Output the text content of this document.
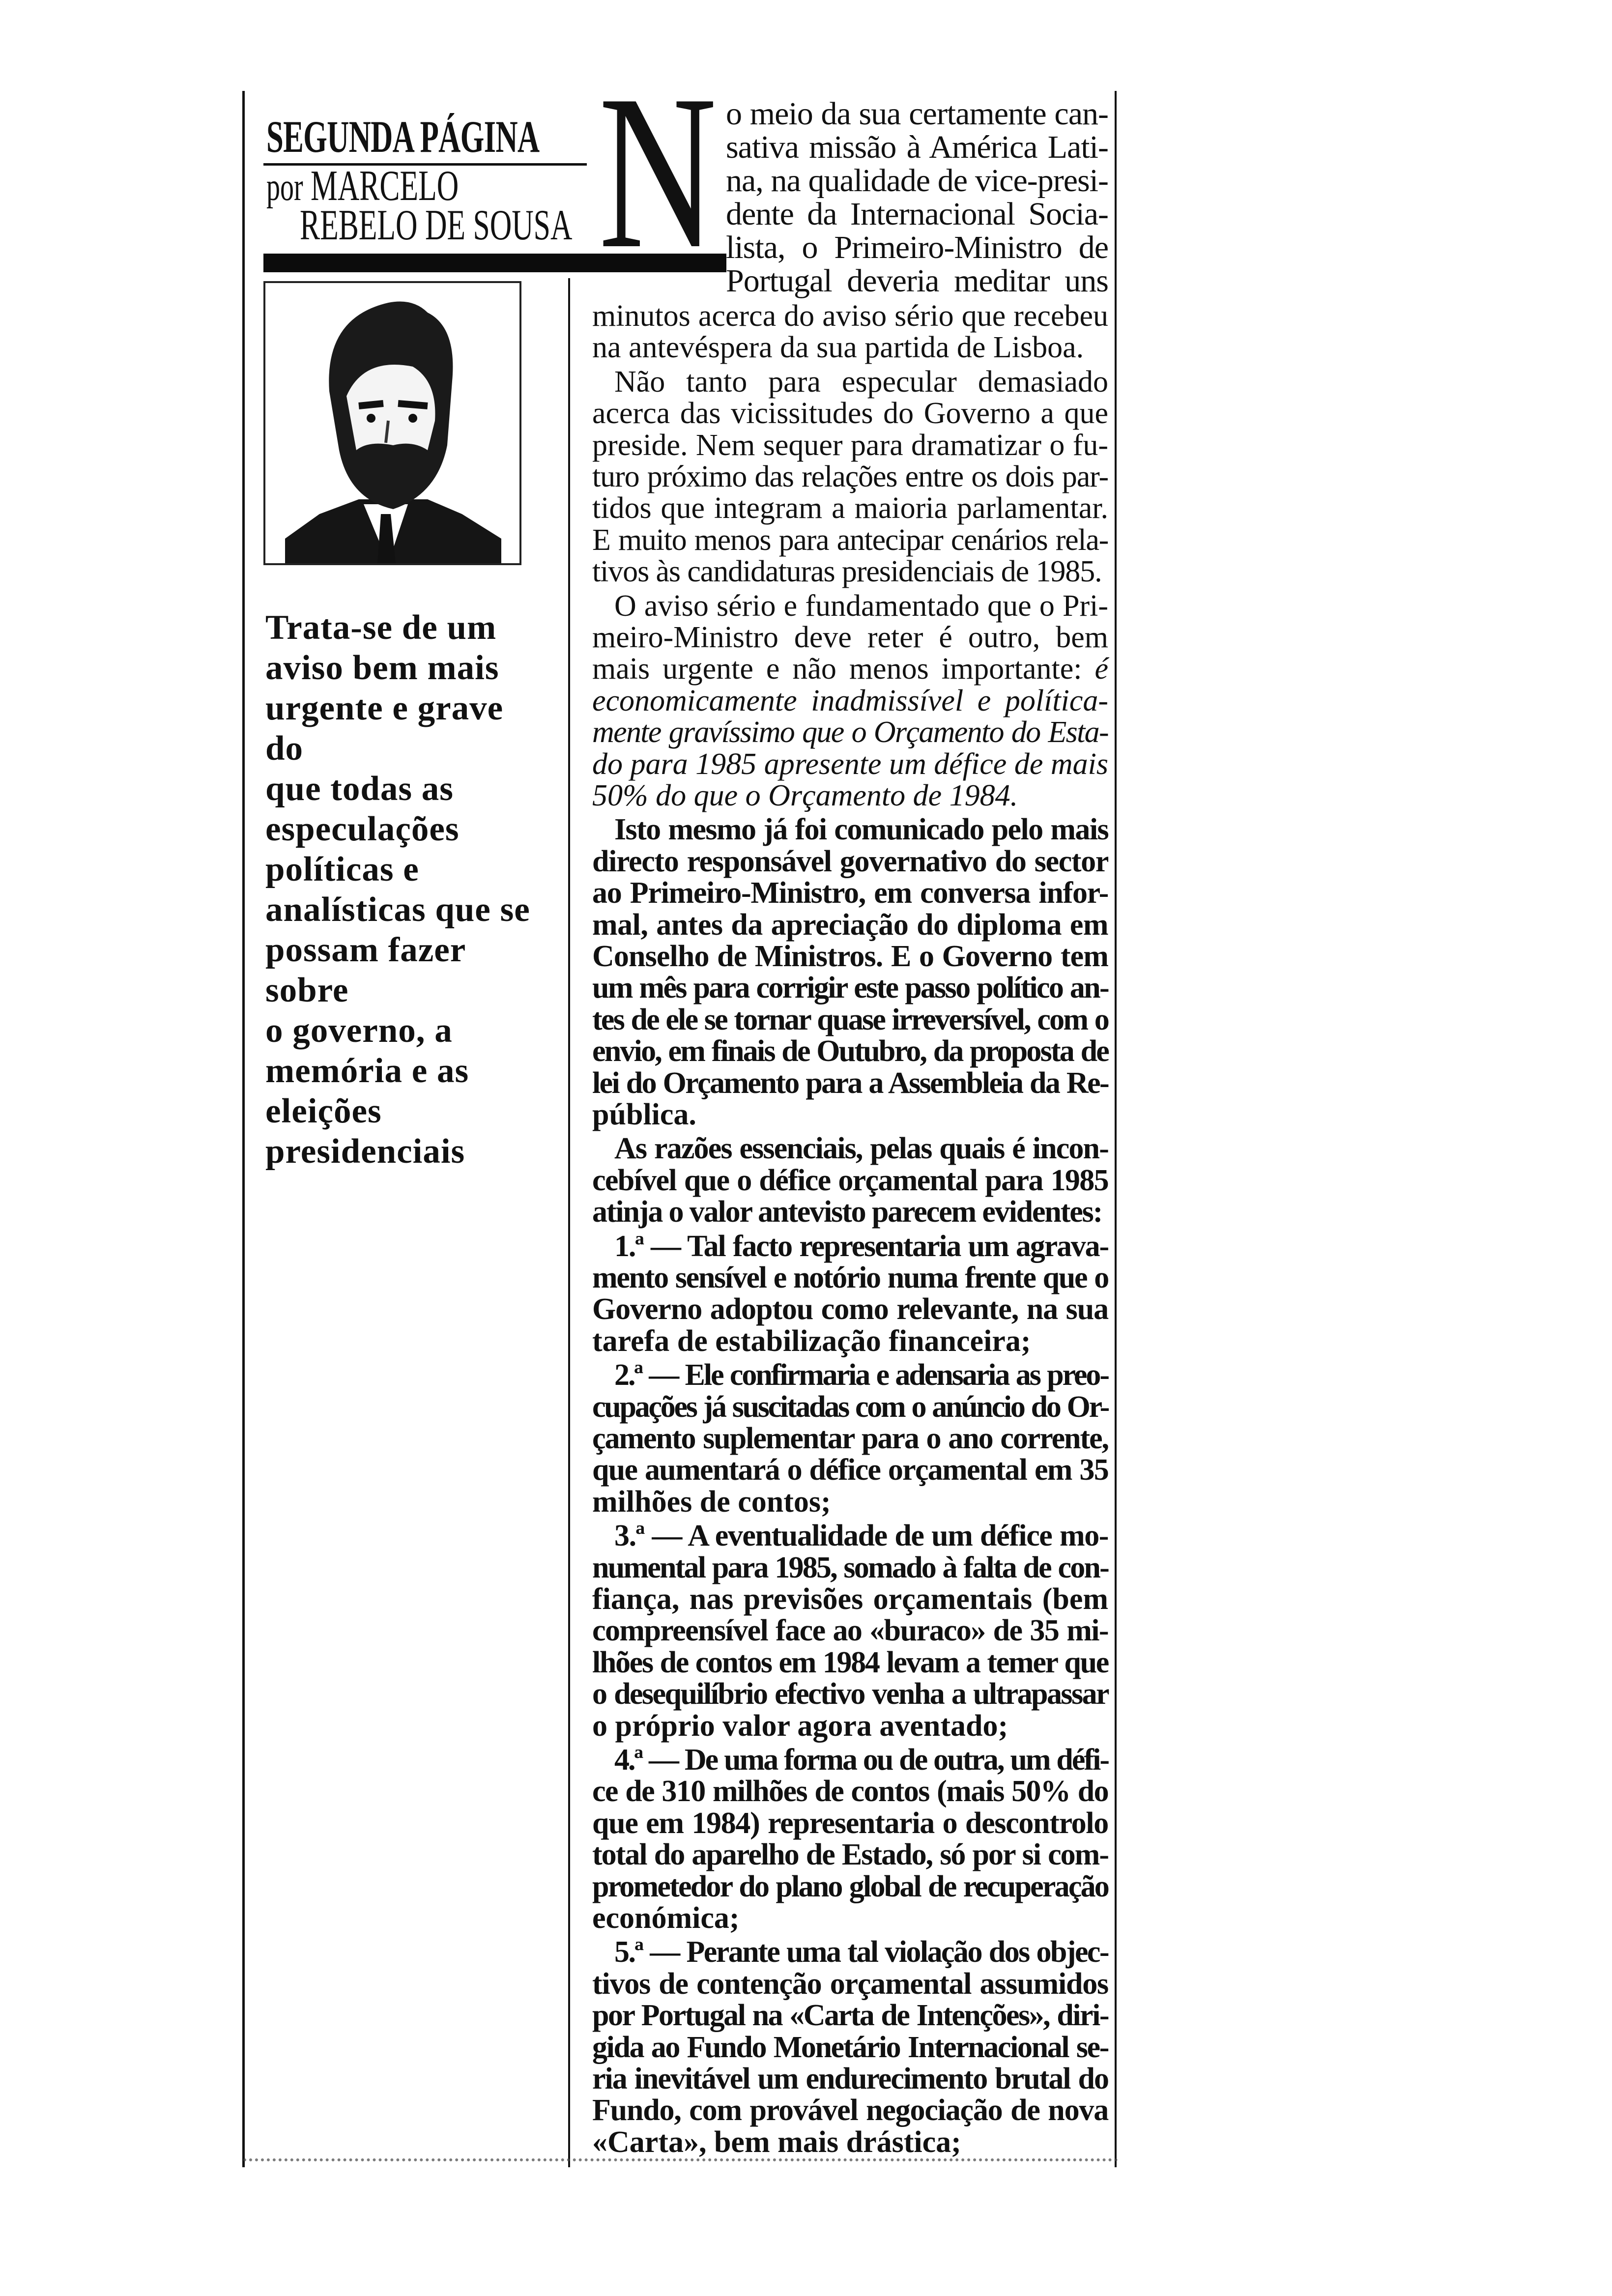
SEGUNDA PÁGINA
por MARCELO
REBELO DE SOUSA N
Trata-se de um
aviso bem mais
urgente e grave
do
que todas as
especulações
políticas e
analísticas que se
possam fazer
sobre
o governo, a
memória e as
eleições
presidenciais
o meio da sua certamente can-
sativa missão à América Lati-
na, na qualidade de vice-presi-
dente da Internacional Socia-
lista, o Primeiro-Ministro de
Portugal deveria meditar uns
minutos acerca do aviso sério que recebeu
na antevéspera da sua partida de Lisboa.
Não tanto para especular demasiado
acerca das vicissitudes do Governo a que
preside. Nem sequer para dramatizar o fu-
turo próximo das relações entre os dois par-
tidos que integram a maioria parlamentar.
E muito menos para antecipar cenários rela-
tivos às candidaturas presidenciais de 1985.
O aviso sério e fundamentado que o Pri-
meiro-Ministro deve reter é outro, bem
mais urgente e não menos importante: é
economicamente inadmissível e política-
mente gravíssimo que o Orçamento do Esta-
do para 1985 apresente um défice de mais
50% do que o Orçamento de 1984.
Isto mesmo já foi comunicado pelo mais
directo responsável governativo do sector
ao Primeiro-Ministro, em conversa infor-
mal, antes da apreciação do diploma em
Conselho de Ministros. E o Governo tem
um mês para corrigir este passo político an-
tes de ele se tornar quase irreversível, com o
envio, em finais de Outubro, da proposta de
lei do Orçamento para a Assembleia da Re-
pública.
As razões essenciais, pelas quais é incon-
cebível que o défice orçamental para 1985
atinja o valor antevisto parecem evidentes:
1.ª — Tal facto representaria um agrava-
mento sensível e notório numa frente que o
Governo adoptou como relevante, na sua
tarefa de estabilização financeira;
2.ª — Ele confirmaria e adensaria as preo-
cupações já suscitadas com o anúncio do Or-
çamento suplementar para o ano corrente,
que aumentará o défice orçamental em 35
milhões de contos;
3.ª — A eventualidade de um défice mo-
numental para 1985, somado à falta de con-
fiança, nas previsões orçamentais (bem
compreensível face ao «buraco» de 35 mi-
lhões de contos em 1984 levam a temer que
o desequilíbrio efectivo venha a ultrapassar
o próprio valor agora aventado;
4.ª — De uma forma ou de outra, um défi-
ce de 310 milhões de contos (mais 50% do
que em 1984) representaria o descontrolo
total do aparelho de Estado, só por si com-
prometedor do plano global de recuperação
económica;
5.ª — Perante uma tal violação dos objec-
tivos de contenção orçamental assumidos
por Portugal na «Carta de Intenções», diri-
gida ao Fundo Monetário Internacional se-
ria inevitável um endurecimento brutal do
Fundo, com provável negociação de nova
«Carta», bem mais drástica;
